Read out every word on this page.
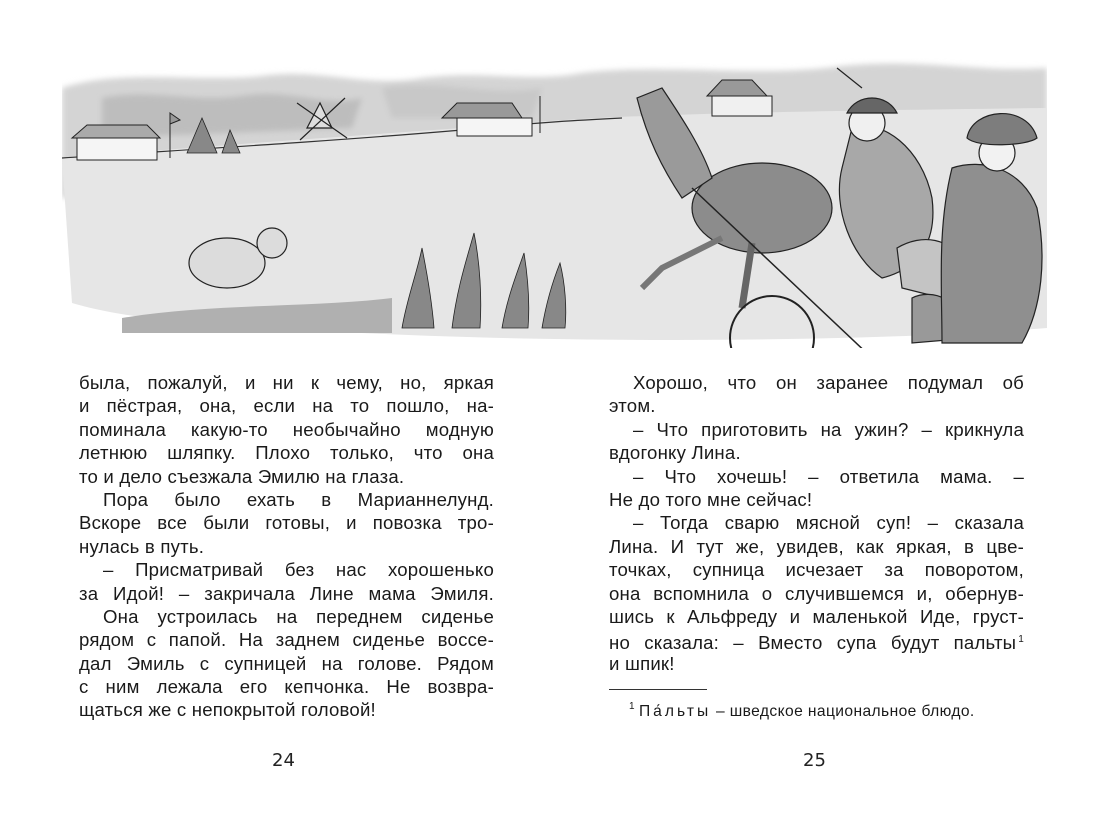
была, пожалуй, и ни к чему, но, яркая
и пёстрая, она, если на то пошло, на-
поминала какую-то необычайно модную
летнюю шляпку. Плохо только, что она
то и дело съезжала Эмилю на глаза.
Пора было ехать в Марианнелунд.
Вскоре все были готовы, и повозка тро-
нулась в путь.
– Присматривай без нас хорошенько
за Идой! – закричала Лине мама Эмиля.
Она устроилась на переднем сиденье
рядом с папой. На заднем сиденье воссе-
дал Эмиль с супницей на голове. Рядом
с ним лежала его кепчонка. Не возвра-
щаться же с непокрытой головой!
Хорошо, что он заранее подумал об
этом.
– Что приготовить на ужин? – крикнула
вдогонку Лина.
– Что хочешь! – ответила мама. –
Не до того мне сейчас!
– Тогда сварю мясной суп! – сказала
Лина. И тут же, увидев, как яркая, в цве-
точках, супница исчезает за поворотом,
она вспомнила о случившемся и, обернув-
шись к Альфреду и маленькой Иде, груст-
но сказала: – Вместо супа будут пальты $^1$
и шпик!
$^1$ Па́льты – шведское национальное блюдо.
24	25
